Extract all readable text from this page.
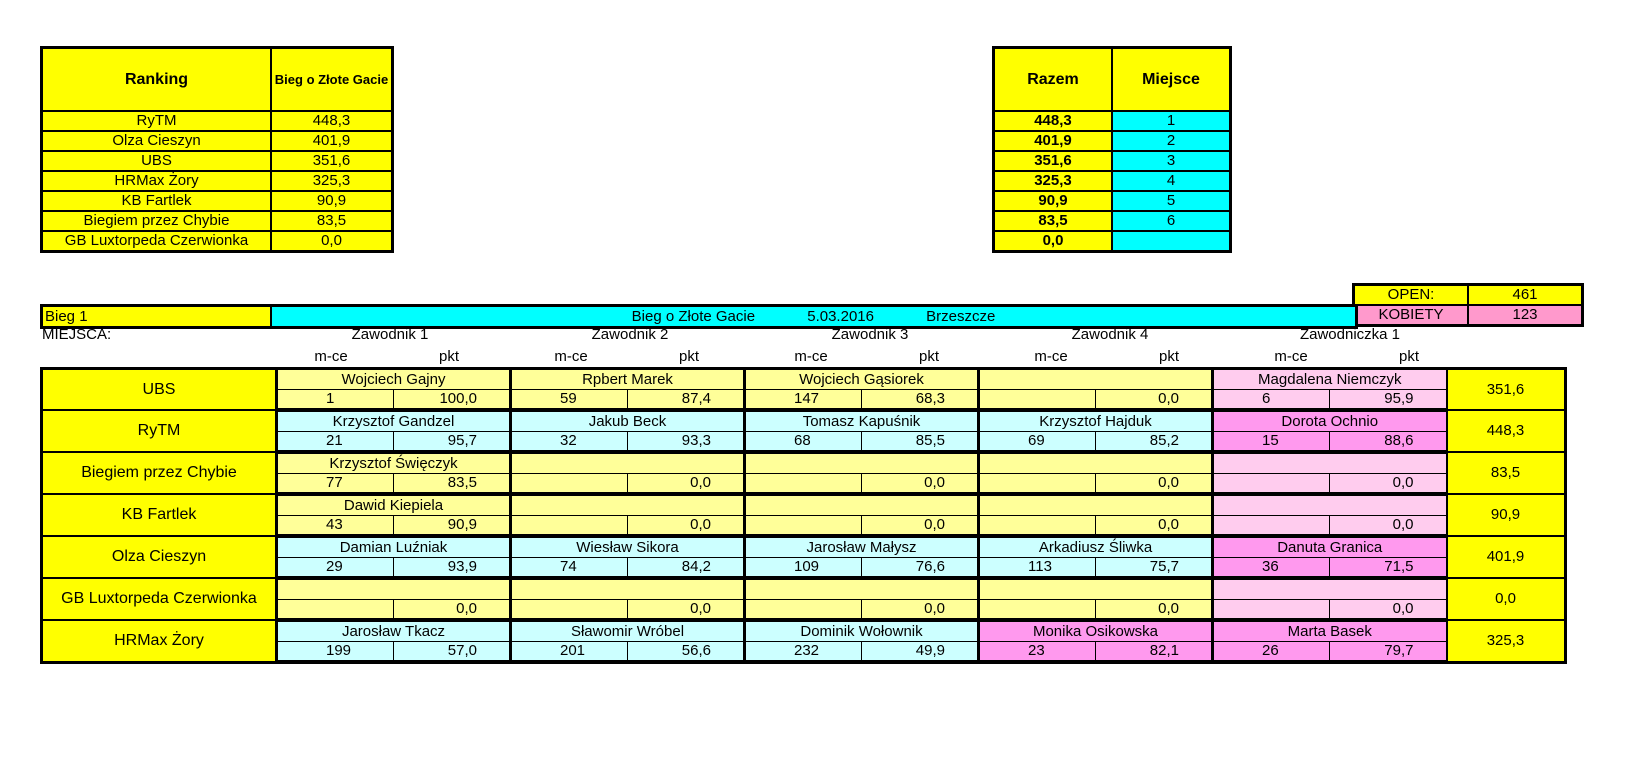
Ranking	Bieg o Złote Gacie
RyTM	448,3
Olza Cieszyn	401,9
UBS	351,6
HRMax Żory	325,3
KB Fartlek	90,9
Biegiem przez Chybie	83,5
GB Luxtorpeda Czerwionka	0,0
Razem	Miejsce
448,3	1
401,9	2
351,6	3
325,3	4
90,9	5
83,5	6
0,0	
OPEN:	461
KOBIETY	123
Bieg 1	Bieg o Złote Gacie	5.03.2016	Brzeszcze
MIEJSCA:	Zawodnik 1
m-ce	pkt
Zawodnik 2
m-ce	pkt
Zawodnik 3
m-ce	pkt
Zawodnik 4
m-ce	pkt
Zawodniczka 1
m-ce	pkt
UBS	Wojciech Gajny		Rpbert Marek		Wojciech Gąsiorek				Magdalena Niemczyk		351,6
	1	100,0	59	87,4	147	68,3		0,0	6	95,9	
RyTM	Krzysztof Gandzel		Jakub Beck		Tomasz Kapuśnik		Krzysztof Hajduk		Dorota Ochnio		448,3
	21	95,7	32	93,3	68	85,5	69	85,2	15	88,6	
Biegiem przez Chybie	Krzysztof Święczyk										83,5
	77	83,5		0,0		0,0		0,0		0,0	
KB Fartlek	Dawid Kiepiela										90,9
	43	90,9		0,0		0,0		0,0		0,0	
Olza Cieszyn	Damian Luźniak		Wiesław Sikora		Jarosław Małysz		Arkadiusz Śliwka		Danuta Granica		401,9
	29	93,9	74	84,2	109	76,6	113	75,7	36	71,5	
GB Luxtorpeda Czerwionka											0,0
		0,0		0,0		0,0		0,0		0,0	
HRMax Żory	Jarosław Tkacz		Sławomir Wróbel		Dominik Wołownik		Monika Osikowska		Marta Basek		325,3
	199	57,0	201	56,6	232	49,9	23	82,1	26	79,7	
